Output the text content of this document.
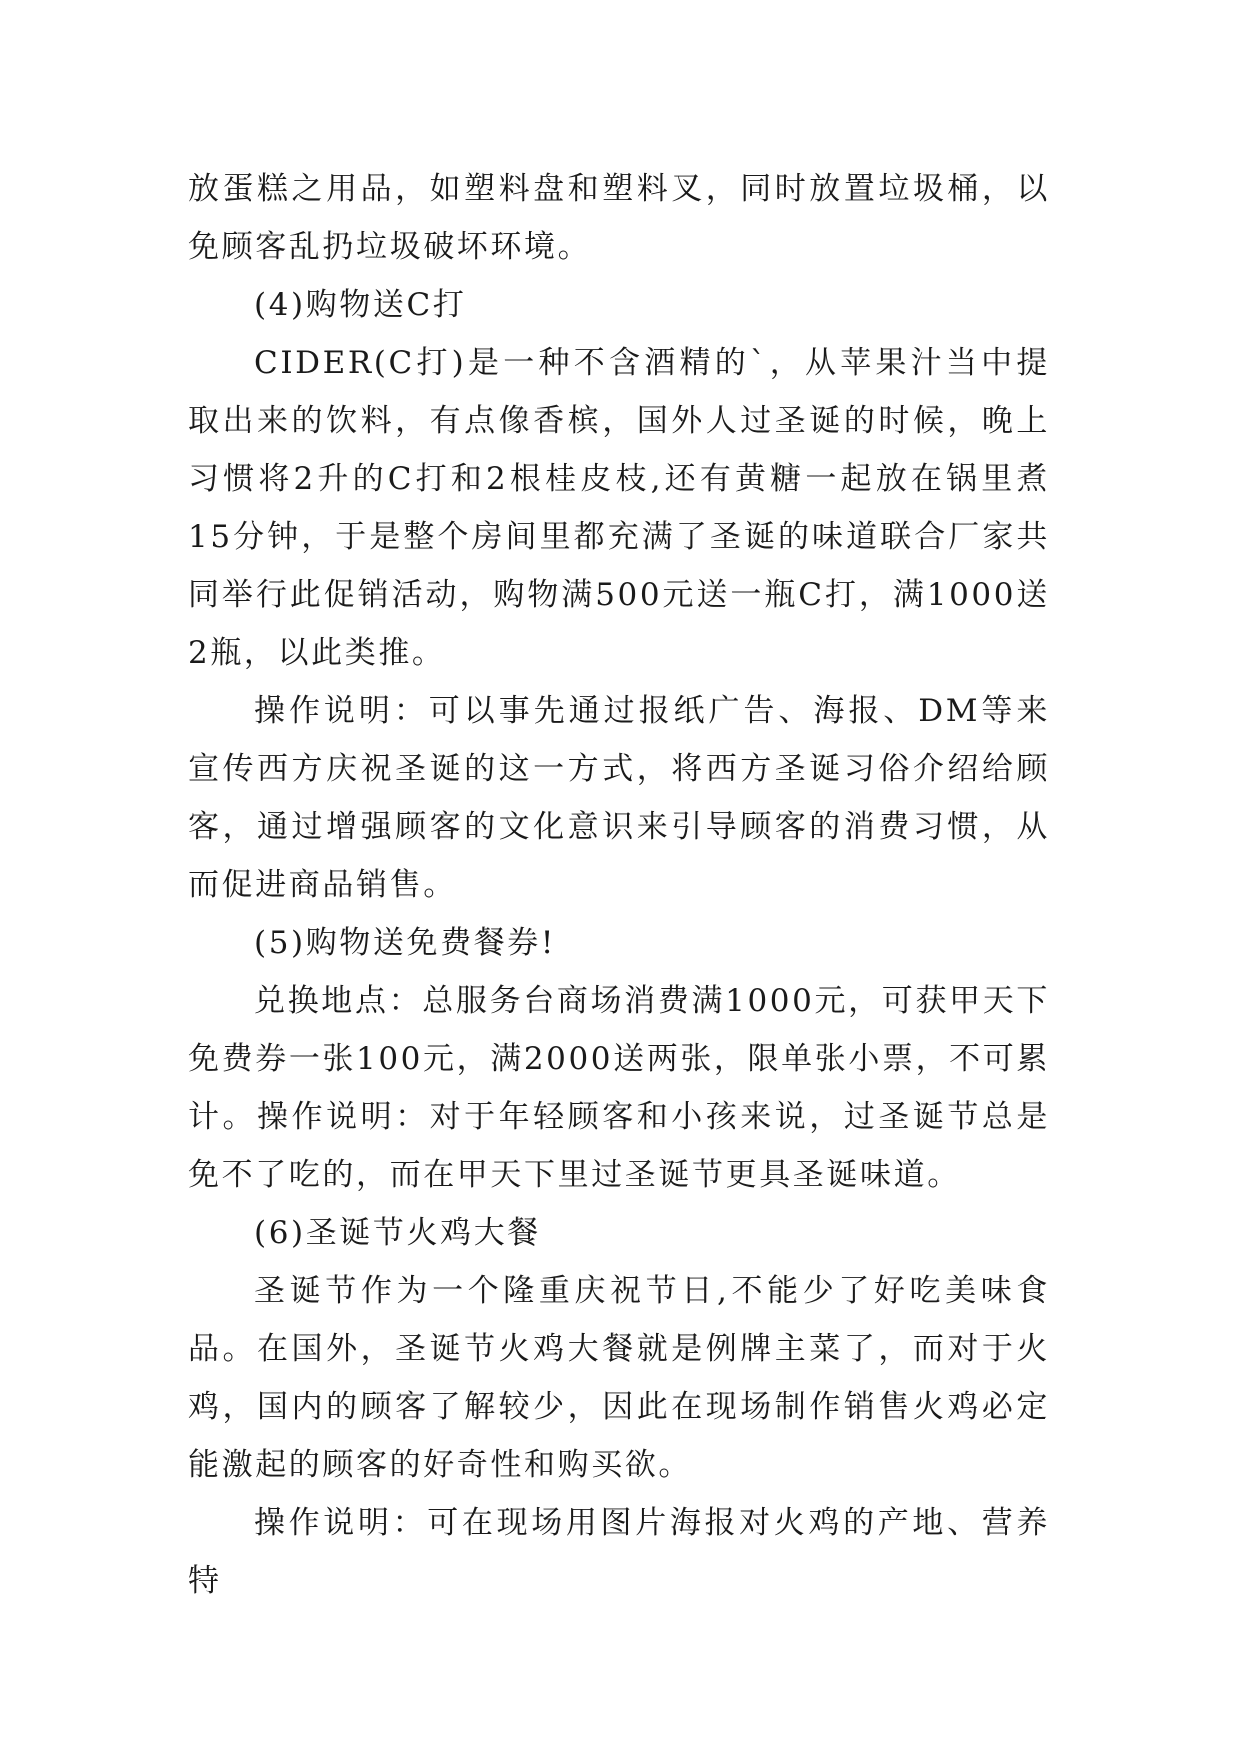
放蛋糕之用品，如塑料盘和塑料叉，同时放置垃圾桶，以免顾客乱扔垃圾破坏环境。

(4)购物送C打

CIDER(C打)是一种不含酒精的`，从苹果汁当中提取出来的饮料，有点像香槟，国外人过圣诞的时候，晚上习惯将2升的C打和2根桂皮枝,还有黄糖一起放在锅里煮15分钟，于是整个房间里都充满了圣诞的味道联合厂家共同举行此促销活动，购物满500元送一瓶C打，满1000送2瓶，以此类推。

操作说明：可以事先通过报纸广告、海报、DM等来宣传西方庆祝圣诞的这一方式，将西方圣诞习俗介绍给顾客，通过增强顾客的文化意识来引导顾客的消费习惯，从而促进商品销售。

(5)购物送免费餐券!

兑换地点：总服务台商场消费满1000元，可获甲天下免费券一张100元，满2000送两张，限单张小票，不可累计。操作说明：对于年轻顾客和小孩来说，过圣诞节总是免不了吃的，而在甲天下里过圣诞节更具圣诞味道。

(6)圣诞节火鸡大餐

圣诞节作为一个隆重庆祝节日,不能少了好吃美味食品。在国外，圣诞节火鸡大餐就是例牌主菜了，而对于火鸡，国内的顾客了解较少，因此在现场制作销售火鸡必定能激起的顾客的好奇性和购买欲。

操作说明：可在现场用图片海报对火鸡的产地、营养特
